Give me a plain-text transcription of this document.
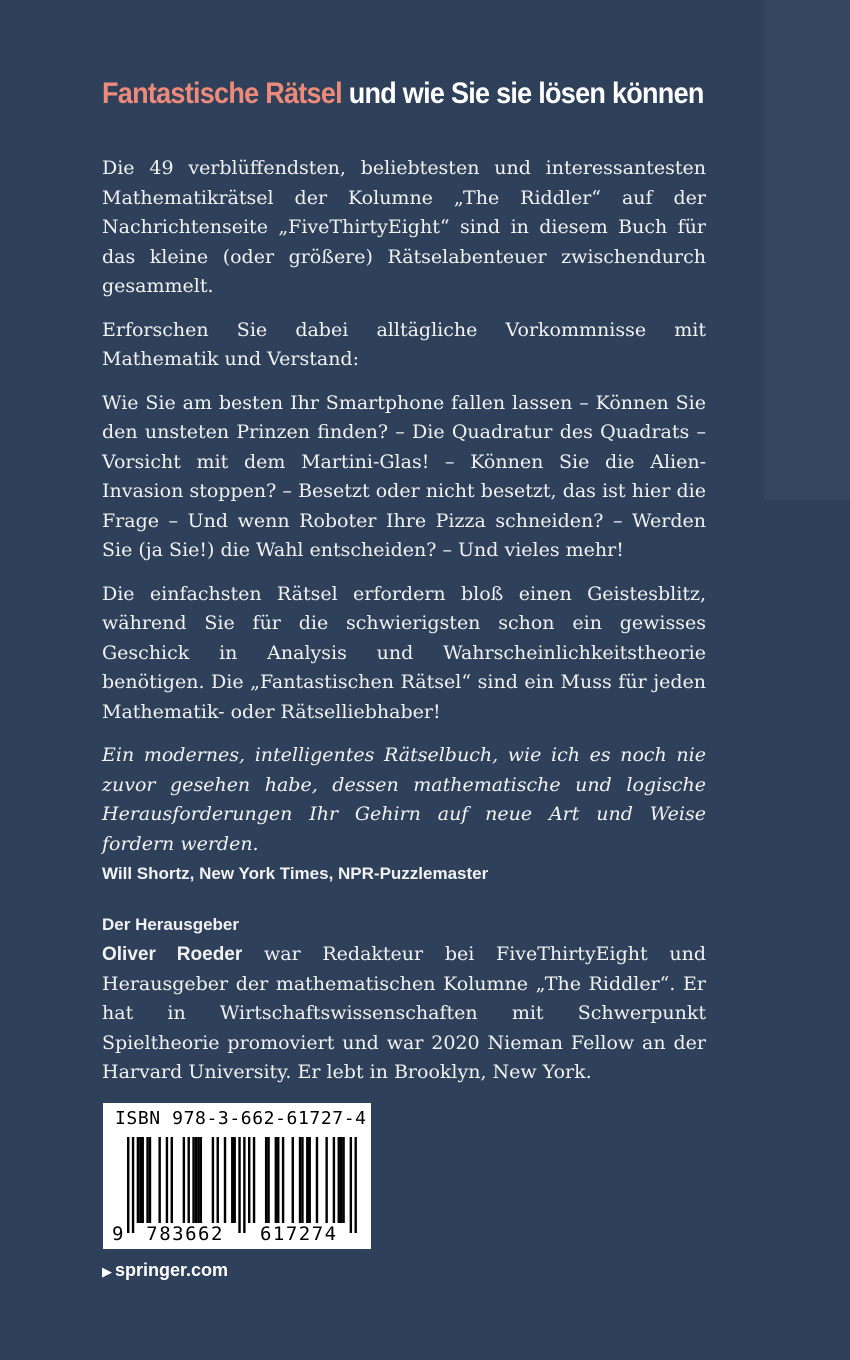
Fantastische Rätsel und wie Sie sie lösen können

Die 49 verblüffendsten, beliebtesten und interessantesten Mathematikrätsel der Kolumne „The Riddler“ auf der Nachrichtenseite „FiveThirtyEight“ sind in diesem Buch für das kleine (oder größere) Rätselabenteuer zwischendurch gesammelt.

Erforschen Sie dabei alltägliche Vorkommnisse mit Mathematik und Verstand:

Wie Sie am besten Ihr Smartphone fallen lassen – Können Sie den unsteten Prinzen finden? – Die Quadratur des Quadrats – Vorsicht mit dem Martini-Glas! – Können Sie die Alien-Invasion stoppen? – Besetzt oder nicht besetzt, das ist hier die Frage – Und wenn Roboter Ihre Pizza schneiden? – Werden Sie (ja Sie!) die Wahl entscheiden? – Und vieles mehr!

Die einfachsten Rätsel erfordern bloß einen Geistesblitz, während Sie für die schwierigsten schon ein gewisses Geschick in Analysis und Wahrscheinlichkeitstheorie benötigen. Die „Fantastischen Rätsel“ sind ein Muss für jeden Mathematik- oder Rätselliebhaber!

Ein modernes, intelligentes Rätselbuch, wie ich es noch nie zuvor gesehen habe, dessen mathematische und logische Herausforderungen Ihr Gehirn auf neue Art und Weise fordern werden.

Will Shortz, New York Times, NPR-Puzzlemaster
Der Herausgeber

Oliver Roeder war Redakteur bei FiveThirtyEight und Herausgeber der mathematischen Kolumne „The Riddler“. Er hat in Wirtschaftswissenschaften mit Schwerpunkt Spieltheorie promoviert und war 2020 Nieman Fellow an der Harvard University. Er lebt in Brooklyn, New York.

ISBN 978-3-662-61727-4
9 783662 617274
▶ springer.com
